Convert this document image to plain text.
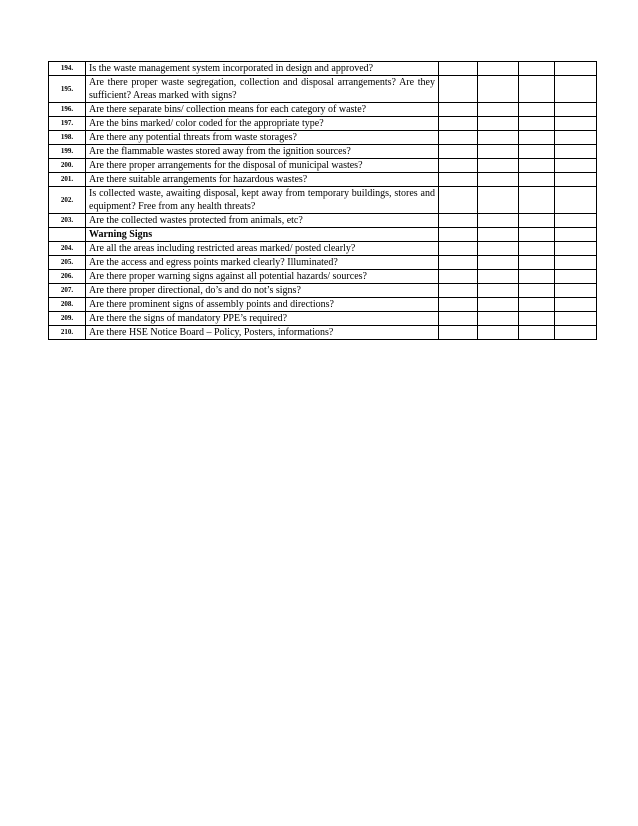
194.	Is the waste management system incorporated in design and approved?				
195.	Are there proper waste segregation, collection and disposal arrangements? Are they sufficient? Areas marked with signs?				
196.	Are there separate bins/ collection means for each category of waste?				
197.	Are the bins marked/ color coded for the appropriate type?				
198.	Are there any potential threats from waste storages?				
199.	Are the flammable wastes stored away from the ignition sources?				
200.	Are there proper arrangements for the disposal of municipal wastes?				
201.	Are there suitable arrangements for hazardous wastes?				
202.	Is collected waste, awaiting disposal, kept away from temporary buildings, stores and equipment? Free from any health threats?				
203.	Are the collected wastes protected from animals, etc?				
	Warning Signs				
204.	Are all the areas including restricted areas marked/ posted clearly?				
205.	Are the access and egress points marked clearly? Illuminated?				
206.	Are there proper warning signs against all potential hazards/ sources?				
207.	Are there proper directional, do’s and do not’s signs?				
208.	Are there prominent signs of assembly points and directions?				
209.	Are there the signs of mandatory PPE’s required?				
210.	Are there HSE Notice Board – Policy, Posters, informations?				
